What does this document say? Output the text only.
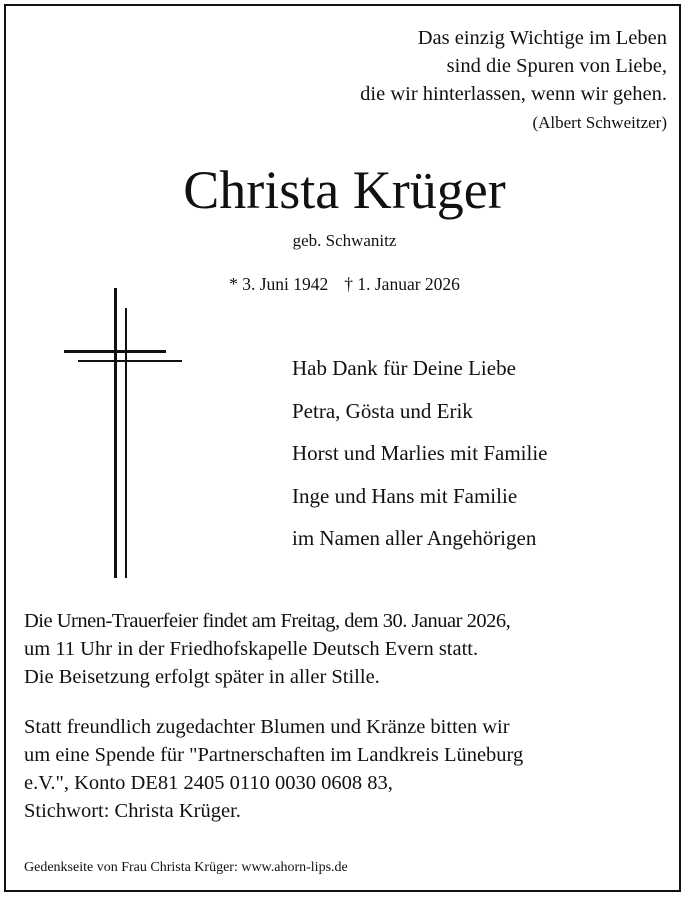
Das einzig Wichtige im Leben
sind die Spuren von Liebe,
die wir hinterlassen, wenn wir gehen.
(Albert Schweitzer)
Christa Krüger
geb. Schwanitz
* 3. Juni 1942 † 1. Januar 2026
Hab Dank für Deine Liebe
Petra, Gösta und Erik
Horst und Marlies mit Familie
Inge und Hans mit Familie
im Namen aller Angehörigen
Die Urnen-Trauerfeier findet am Freitag, dem 30. Januar 2026,
um 11 Uhr in der Friedhofskapelle Deutsch Evern statt.
Die Beisetzung erfolgt später in aller Stille.
Statt freundlich zugedachter Blumen und Kränze bitten wir
um eine Spende für "Partnerschaften im Landkreis Lüneburg
e.V.", Konto DE81 2405 0110 0030 0608 83,
Stichwort: Christa Krüger.
Gedenkseite von Frau Christa Krüger: www.ahorn-lips.de
